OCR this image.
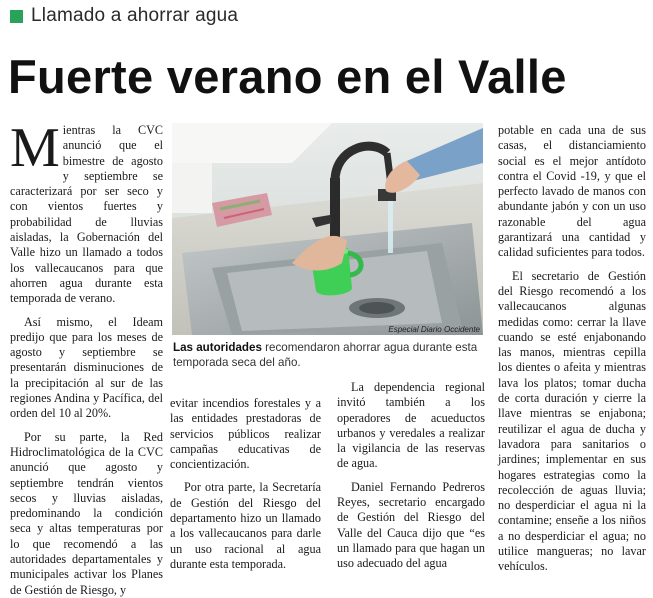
Llamado a ahorrar agua
Fuerte verano en el Valle

Mientras la CVC anunció que el bimestre de agosto y septiembre se caracterizará por ser seco y con vientos fuertes y probabilidad de lluvias aisladas, la Gobernación del Valle hizo un llamado a todos los vallecaucanos para que ahorren agua durante esta temporada de verano.

Así mismo, el Ideam predijo que para los meses de agosto y septiembre se presentarán disminuciones de la precipitación al sur de las regiones Andina y Pacífica, del orden del 10 al 20%.

Por su parte, la Red Hidroclimatológica de la CVC anunció que agosto y septiembre tendrán vientos secos y lluvias aisladas, predominando la condición seca y altas temperaturas por lo que recomendó a las autoridades departamentales y municipales activar los Planes de Gestión de Riesgo, y

Especial Diario Occidente
Las autoridades recomendaron ahorrar agua durante esta temporada seca del año.

evitar incendios forestales y a las entidades prestadoras de servicios públicos realizar campañas educativas de concientización.

Por otra parte, la Secretaría de Gestión del Riesgo del departamento hizo un llamado a los vallecaucanos para darle un uso racional al agua durante esta temporada.

La dependencia regional invitó también a los operadores de acueductos urbanos y veredales a realizar la vigilancia de las reservas de agua.

Daniel Fernando Pedreros Reyes, secretario encargado de Gestión del Riesgo del Valle del Cauca dijo que “es un llamado para que hagan un uso adecuado del agua

potable en cada una de sus casas, el distanciamiento social es el mejor antídoto contra el Covid -19, y que el perfecto lavado de manos con abundante jabón y con un uso razonable del agua garantizará una cantidad y calidad suficientes para todos.

El secretario de Gestión del Riesgo recomendó a los vallecaucanos algunas medidas como: cerrar la llave cuando se esté enjabonando las manos, mientras cepilla los dientes o afeita y mientras lava los platos; tomar ducha de corta duración y cierre la llave mientras se enjabona; reutilizar el agua de ducha y lavadora para sanitarios o jardines; implementar en sus hogares estrategias como la recolección de aguas lluvia; no desperdiciar el agua ni la contamine; enseñe a los niños a no desperdiciar el agua; no utilice mangueras; no lavar vehículos.
